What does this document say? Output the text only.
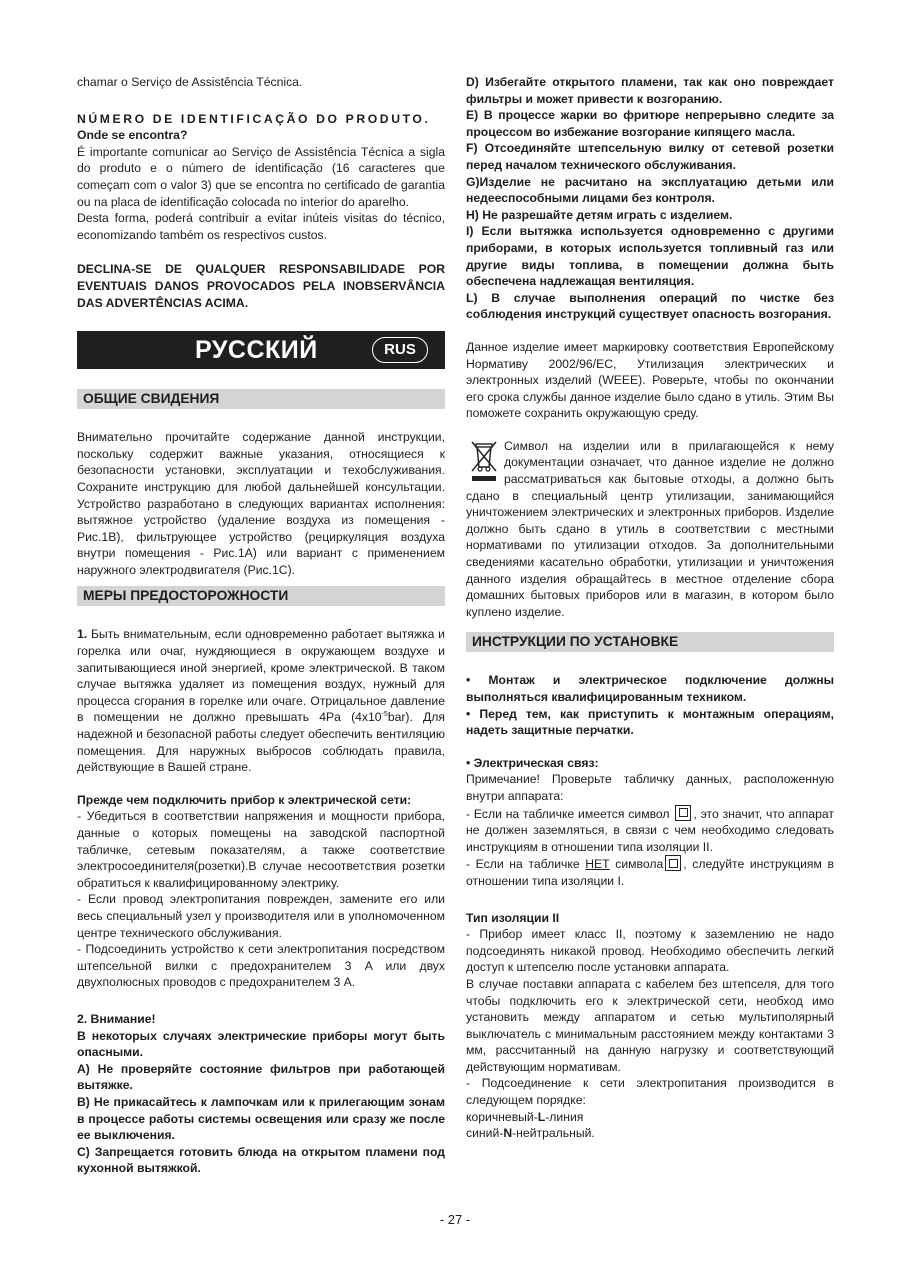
chamar o Serviço de Assistência Técnica.

NÚMERO DE IDENTIFICAÇÃO DO PRODUTO.

Onde se encontra?

É importante comunicar ao Serviço de Assistência Técnica a sigla do produto e o número de identificação (16 caracteres que começam com o valor 3) que se encontra no certificado de garantia ou na placa de identificação colocada no interior do aparelho.

Desta forma, poderá contribuir a evitar inúteis visitas do técnico, economizando também os respectivos custos.

DECLINA-SE DE QUALQUER RESPONSABILIDADE POR EVENTUAIS DANOS PROVOCADOS PELA INOBSERVÂNCIA DAS ADVERTÊNCIAS ACIMA.

РУССКИЙ	RUS
ОБЩИЕ СВИДЕНИЯ

Внимательно прочитайте содержание данной инструкции, поскольку содержит важные указания, относящиеся к безопасности установки, эксплуатации и техобслуживания. Сохраните инструкцию для любой дальнейшей консультации. Устройство разработано в следующих вариантах исполнения: вытяжное устройство (удаление воздуха из помещения - Рис.1B), фильтрующее устройство (рециркуляция воздуха внутри помещения - Рис.1A) или вариант с применением наружного электродвигателя (Рис.1C).

МЕРЫ ПРЕДОСТОРОЖНОСТИ

1. Быть внимательным, если одновременно работает вытяжка и горелка или очаг, нуждяющиеся в окружающем воздухе и запитывающиеся иной энергией, кроме электрической. В таком случае вытяжка удаляет из помещения воздух, нужный для процесса сгорания в горелке или очаге. Отрицальное давление в помещении не должно превышать 4Pa $(4x10^{-5}bar)$. Для надежной и безопасной работы следует обеспечить вентиляцию помещения. Для наружных выбросов соблюдать правила, действующие в Вашей стране.

Прежде чем подключить прибор к электрической сети:

- Убедиться в соответствии напряжения и мощности прибора, данные о которых помещены на заводской паспортной табличке, сетевым показателям, а также соответствие электросоединителя(розетки).В случае несоответствия розетки обратиться к квалифицированному электрику.

- Если провод электропитания поврежден, замените его или весь специальный узел у производителя или в уполномоченном центре технического обслуживания.

- Подсоединить устройство к сети электропитания посредством штепсельной вилки с предохранителем 3 A или двух двухполюсных проводов с предохранителем 3 A.

2. Внимание!

В некоторых случаях электрические приборы могут быть опасными.

A) Не проверяйте состояние фильтров при работающей вытяжке.

B) Не прикасайтесь к лампочкам или к прилегающим зонам в процессе работы системы освещения или сразу же после ее выключения.

C) Запрещается готовить блюда на открытом пламени под кухонной вытяжкой.

D) Избегайте открытого пламени, так как оно повреждает фильтры и может привести к возгоранию.

E) В процессе жарки во фритюре непрерывно следите за процессом во избежание возгорание кипящего масла.

F) Отсоединяйте штепсельную вилку от сетевой розетки перед началом технического обслуживания.

G)Изделие не расчитано на эксплуатацию детьми или недееспособными лицами без контроля.

H) Не разрешайте детям играть с изделием.

I) Если вытяжка используется одновременно с другими приборами, в которых используется топливный газ или другие виды топлива, в помещении должна быть обеспечена надлежащая вентиляция.

L) В случае выполнения операций по чистке без соблюдения инструкций существует опасность возгорания.

Данное изделие имеет маркировку соответствия Европейскому Нормативу 2002/96/EC, Утилизация электрических и электронных изделий (WEEE). Роверьте, чтобы по окончании его срока службы данное изделие было сдано в утиль. Этим Вы поможете сохранить окружающую среду.

Символ на изделии или в прилагающейся к нему документации означает, что данное изделие не должно рассматриваться как бытовые отходы, а должно быть сдано в специальный центр утилизации, занимающийся уничтожением электрических и электронных приборов. Изделие должно быть сдано в утиль в соответствии с местными нормативами по утилизации отходов. За дополнительными сведениями касательно обработки, утилизации и уничтожения данного изделия обращайтесь в местное отделение сбора домашних бытовых приборов или в магазин, в котором было куплено изделие.

ИНСТРУКЦИИ ПО УСТАНОВКЕ

• Монтаж и электрическое подключение должны выполняться квалифицированным техником.

• Перед тем, как приступить к монтажным операциям, надеть защитные перчатки.

• Электрическая связ:

Примечание! Проверьте табличку данных, расположенную внутри аппарата:

- Если на табличке имеется символ , это значит, что аппарат не должен заземляться, в связи с чем необходимо следовать инструкциям в отношении типа изоляции II.

- Если на табличке НЕТ символа , следуйте инструкциям в отношении типа изоляции I.

Тип изоляции II

- Прибор имеет класс II, поэтому к заземлению не надо подсоединять никакой провод. Необходимо обеспечить легкий доступ к штепселю после установки аппарата.

В случае поставки аппарата с кабелем без штепселя, для того чтобы подключить его к электрической сети, необход имо установить между аппаратом и сетью мультиполярный выключатель с минимальным расстоянием между контактами 3 мм, рассчитанный на данную нагрузку и соответствующий действующим нормативам.

- Подсоединение к сети электропитания производится в следующем порядке:

коричневый-L-линия

синий-N-нейтральный.

- 27 -
